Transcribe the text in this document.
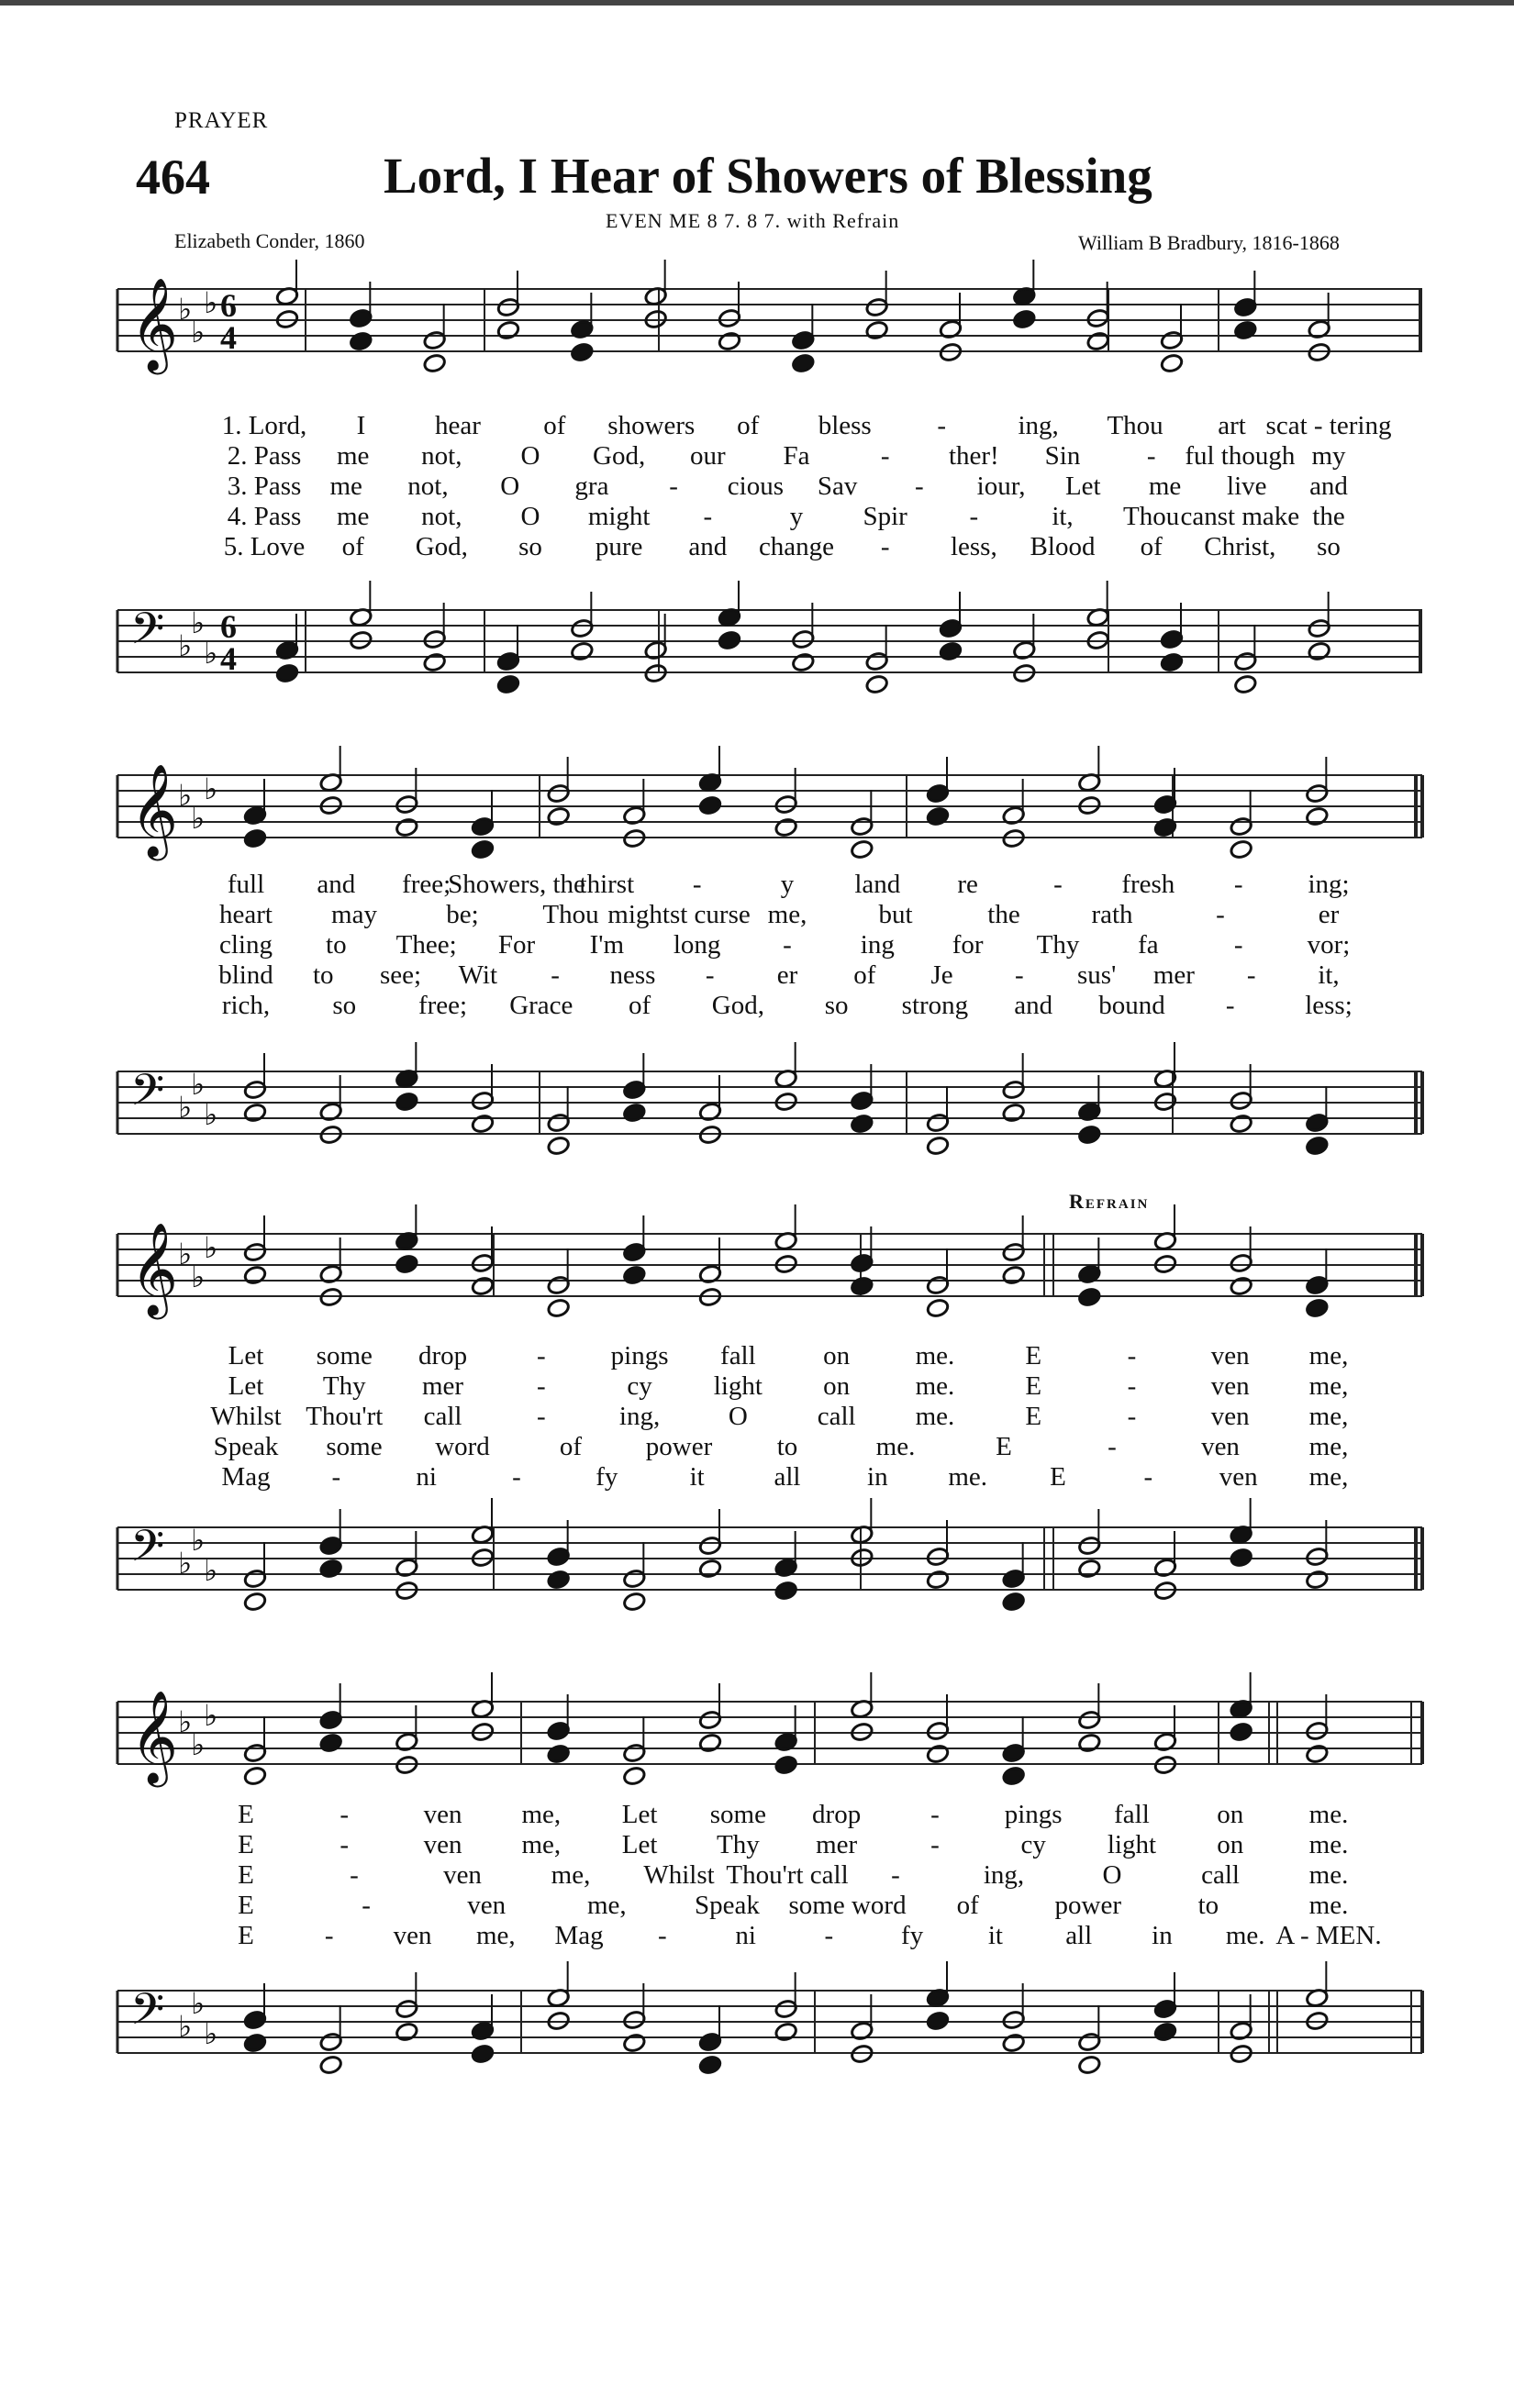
PRAYER
464	Lord, I Hear of Showers of Blessing
EVEN ME 8 7. 8 7. with Refrain
Elizabeth Conder, 1860	William B Bradbury, 1816-1868
Refrain
𝄞 ♭
♭
♭ 6
4
1. Lord, I	hear of showers of bless -	ing, Thou art scat - tering
2. Pass me not, O God, our Fa	- ther! Sin - ful though my
3. Pass me not, O gra - cious Sav - iour, Let me live and
4. Pass me not, O might -	y Spir -	it, Thou canst make the
5. Love of God, so pure and change - less, Blood of Christ, so
𝄢 ♭
♭
♭
6
4
𝄞 ♭
♭
♭
full and free;
Showers, the
thirst -	y land re	- fresh - ing;
heart may	be; Thou mightst curse me,	but	the	rath	-	er
cling to Thee; For I'm long -	ing for Thy fa	- vor;
blind to see; Wit - ness - er of Je - sus' mer - it,
rich, so free; Grace of God, so strong and bound -	less;
𝄢 ♭
♭
♭
𝄞 ♭
♭
♭
Let some drop	- pings fall	on me.	E	-	ven me,
Let Thy mer	-	cy light on me.	E	-	ven me,
Whilst Thou'rt call	-	ing,	O	call me.	E	-	ven me,
Speak some word	of power to	me.	E	-	ven	me,
Mag -	ni	-	fy	it	all	in me. E	-	ven me,
𝄢 ♭
♭
♭
𝄞 ♭
♭
♭
E	-	ven me, Let some drop	- pings fall	on me.
E	-	ven me, Let Thy mer	-	cy light on me.
E	-	ven	me, Whilst Thou'rt call -	ing,	O	call	me.
E	-	ven	me,	Speak some word of	power	to	me.
E	- ven me, Mag -	ni	-	fy it all in me. A - MEN.
𝄢 ♭
♭
♭
